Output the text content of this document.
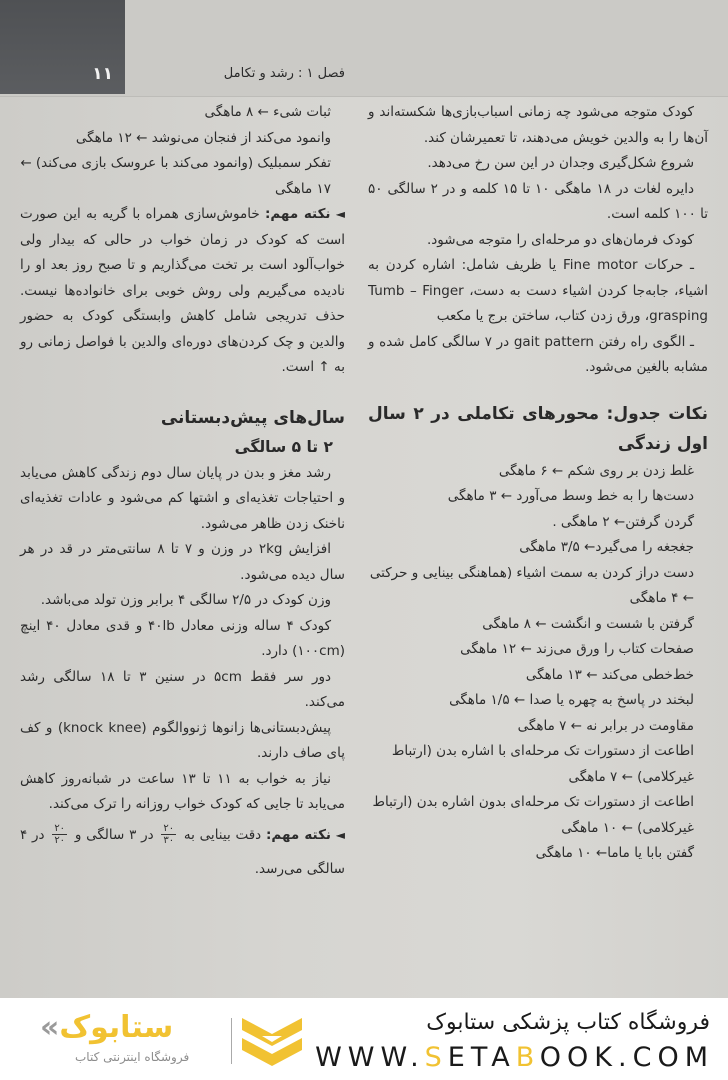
۱۱	فصل ۱ : رشد و تکامل

کودک متوجه می‌شود چه زمانی اسباب‌بازی‌ها شکسته‌اند و آن‌ها را به والدین خویش می‌دهند، تا تعمیرشان کند.

شروع شکل‌گیری وجدان در این سن رخ می‌دهد.

دایره لغات در ۱۸ ماهگی ۱۰ تا ۱۵ کلمه و در ۲ سالگی ۵۰ تا ۱۰۰ کلمه است.

کودک فرمان‌های دو مرحله‌ای را متوجه می‌شود.

ـ حرکات Fine motor یا ظریف شامل: اشاره کردن به اشیاء، جابه‌جا کردن اشیاء دست به دست، Tumb – Finger grasping، ورق زدن کتاب، ساختن برج یا مکعب

ـ الگوی راه رفتن gait pattern در ۷ سالگی کامل شده و مشابه بالغین می‌شود.

نکات جدول: محورهای تکاملی در ۲ سال اول زندگی

غلط زدن بر روی شکم ← ۶ ماهگی

دست‌ها را به خط وسط می‌آورد ← ۳ ماهگی

گردن گرفتن← ۲ ماهگی .

جغجغه را می‌گیرد← ۳/۵ ماهگی

دست دراز کردن به سمت اشیاء (هماهنگی بینایی و حرکتی ← ۴ ماهگی

گرفتن با شست و انگشت ← ۸ ماهگی

صفحات کتاب را ورق می‌زند ← ۱۲ ماهگی

خط‌خطی می‌کند ← ۱۳ ماهگی

لبخند در پاسخ به چهره یا صدا ← ۱/۵ ماهگی

مقاومت در برابر نه ← ۷ ماهگی

اطاعت از دستورات تک مرحله‌ای با اشاره بدن (ارتباط غیرکلامی) ← ۷ ماهگی

اطاعت از دستورات تک مرحله‌ای بدون اشاره بدن (ارتباط غیرکلامی) ← ۱۰ ماهگی

گفتن بابا یا ماما← ۱۰ ماهگی

ثبات شیء ← ۸ ماهگی

وانمود می‌کند از فنجان می‌نوشد ← ۱۲ ماهگی

تفکر سمبلیک (وانمود می‌کند با عروسک بازی می‌کند) ← ۱۷ ماهگی

◄ نکته مهم: خاموش‌سازی همراه با گریه به این صورت است که کودک در زمان خواب در حالی که بیدار ولی خواب‌آلود است بر تخت می‌گذاریم و تا صبح روز بعد او را نادیده می‌گیریم ولی روش خوبی برای خانواده‌ها نیست. حذف تدریجی شامل کاهش وابستگی کودک به حضور والدین و چک کردن‌های دوره‌ای والدین با فواصل زمانی رو به ↑ است.

سال‌های پیش‌دبستانی

۲ تا ۵ سالگی

رشد مغز و بدن در پایان سال دوم زندگی کاهش می‌یابد و احتیاجات تغذیه‌ای و اشتها کم می‌شود و عادات تغذیه‌ای ناخنک زدن ظاهر می‌شود.

افزایش ۲kg در وزن و ۷ تا ۸ سانتی‌متر در قد در هر سال دیده می‌شود.

وزن کودک در ۲/۵ سالگی ۴ برابر وزن تولد می‌باشد.

کودک ۴ ساله وزنی معادل ۴۰lb و قدی معادل ۴۰ اینچ (۱۰۰cm) دارد.

دور سر فقط ۵cm در سنین ۳ تا ۱۸ سالگی رشد می‌کند.

پیش‌دبستانی‌ها زانوها ژنووالگوم (knock knee) و کف پای صاف دارند.

نیاز به خواب به ۱۱ تا ۱۳ ساعت در شبانه‌روز کاهش می‌یابد تا جایی که کودک خواب روزانه را ترک می‌کند.

◄ نکته مهم: دقت بینایی به
$\frac{۲۰}{۳۰}$
در ۳ سالگی و
$\frac{۲۰}{۲۰}$
در ۴ سالگی می‌رسد.

«ستابوک
فروشگاه اینترنتی کتاب
فروشگاه کتاب پزشکی ستابوک
WWW.SETABOOK.COM
